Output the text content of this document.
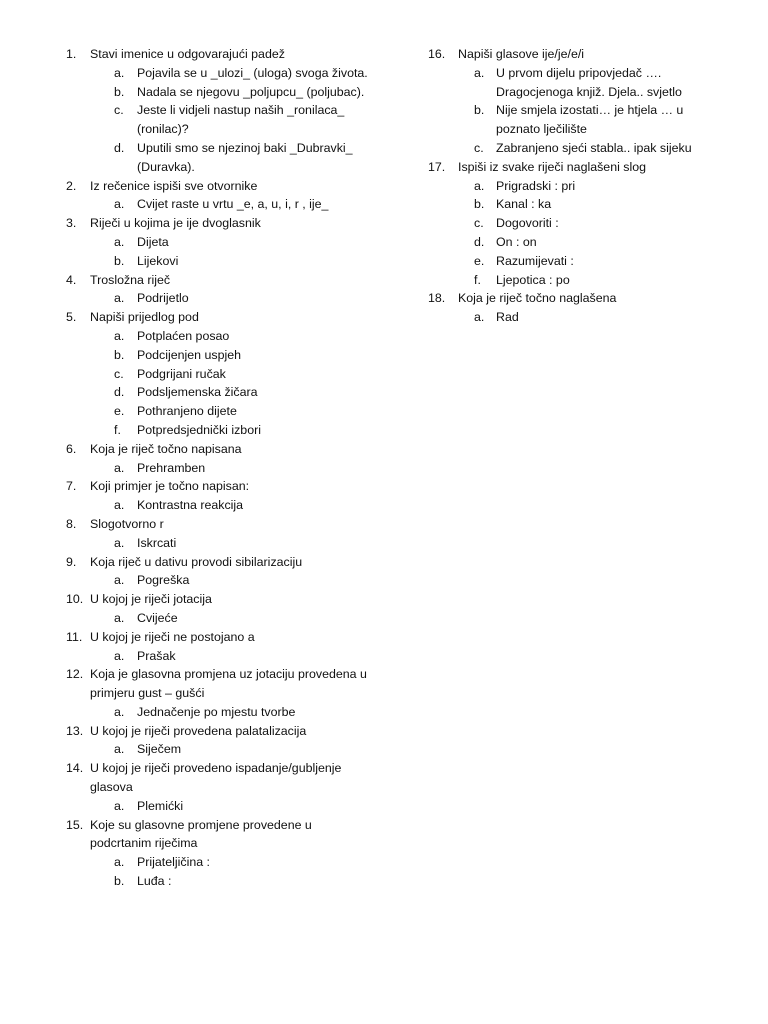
1.	Stavi imenice u odgovarajući padež
a.	Pojavila se u _ulozi_ (uloga) svoga života.
b.	Nadala se njegovu _poljupcu_ (poljubac).
c.	Jeste li vidjeli nastup naših _ronilaca_ (ronilac)?
d.	Uputili smo se njezinoj baki _Dubravki_ (Duravka).
2.	Iz rečenice ispiši sve otvornike
a.	Cvijet raste u vrtu _e, a, u, i, r , ije_
3.	Riječi u kojima je ije dvoglasnik
a.	Dijeta
b.	Lijekovi
4.	Trosložna riječ
a.	Podrijetlo
5.	Napiši prijedlog pod
a.	Potplaćen posao
b.	Podcijenjen uspjeh
c.	Podgrijani ručak
d.	Podsljemenska žičara
e.	Pothranjeno dijete
f.	Potpredsjednički izbori
6.	Koja je riječ točno napisana
a.	Prehramben
7.	Koji primjer je točno napisan:
a.	Kontrastna reakcija
8.	Slogotvorno r
a.	Iskrcati
9.	Koja riječ u dativu provodi sibilarizaciju
a.	Pogreška
10. U kojoj je riječi jotacija
a.	Cvijeće
11. U kojoj je riječi ne postojano a
a.	Prašak
12. Koja je glasovna promjena uz jotaciju provedena u primjeru gust – gušći
a.	Jednačenje po mjestu tvorbe
13. U kojoj je riječi provedena palatalizacija
a.	Siječem
14. U kojoj je riječi provedeno ispadanje/gubljenje glasova
a.	Plemićki
15. Koje su glasovne promjene provedene u podcrtanim riječima
a.	Prijateljičina :
b.	Luđa :
16.	Napiši glasove ije/je/e/i
a. U prvom dijelu pripovjedač …. Dragocjenoga knjiž. Djela.. svjetlo
b. Nije smjela izostati… je htjela … u poznato lječilište
c. Zabranjeno sjeći stabla.. ipak sijeku
17.	Ispiši iz svake riječi naglašeni slog
a. Prigradski : pri
b. Kanal : ka
c. Dogovoriti :
d. On : on
e. Razumijevati :
f.	Ljepotica : po
18.	Koja je riječ točno naglašena
a. Rad
